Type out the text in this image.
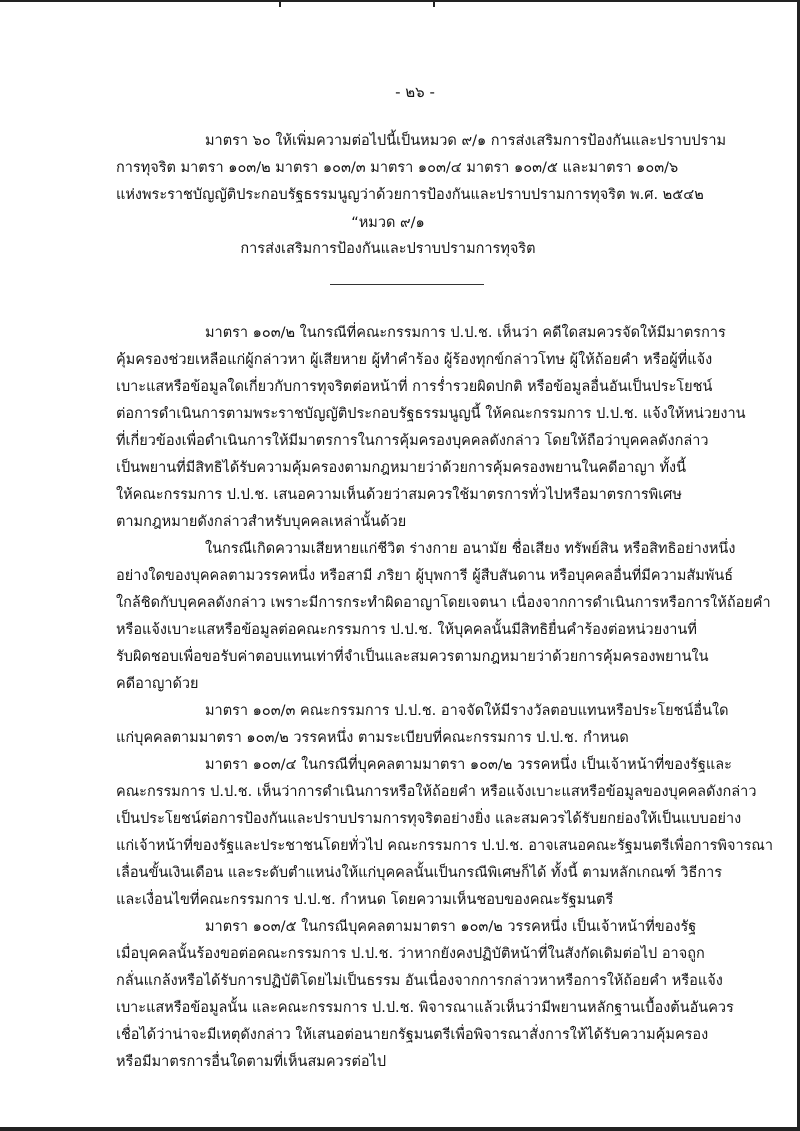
- ๒๖ -
มาตรา ๖๐ ให้เพิ่มความต่อไปนี้เป็นหมวด ๙/๑ การส่งเสริมการป้องกันและปราบปราม
การทุจริต มาตรา ๑๐๓/๒ มาตรา ๑๐๓/๓ มาตรา ๑๐๓/๔ มาตรา ๑๐๓/๕ และมาตรา ๑๐๓/๖
แห่งพระราชบัญญัติประกอบรัฐธรรมนูญว่าด้วยการป้องกันและปราบปรามการทุจริต พ.ศ. ๒๕๔๒
“หมวด ๙/๑
การส่งเสริมการป้องกันและปราบปรามการทุจริต
มาตรา ๑๐๓/๒ ในกรณีที่คณะกรรมการ ป.ป.ช. เห็นว่า คดีใดสมควรจัดให้มีมาตรการ
คุ้มครองช่วยเหลือแก่ผู้กล่าวหา ผู้เสียหาย ผู้ทำคำร้อง ผู้ร้องทุกข์กล่าวโทษ ผู้ให้ถ้อยคำ หรือผู้ที่แจ้ง
เบาะแสหรือข้อมูลใดเกี่ยวกับการทุจริตต่อหน้าที่ การร่ำรวยผิดปกติ หรือข้อมูลอื่นอันเป็นประโยชน์
ต่อการดำเนินการตามพระราชบัญญัติประกอบรัฐธรรมนูญนี้ ให้คณะกรรมการ ป.ป.ช. แจ้งให้หน่วยงาน
ที่เกี่ยวข้องเพื่อดำเนินการให้มีมาตรการในการคุ้มครองบุคคลดังกล่าว โดยให้ถือว่าบุคคลดังกล่าว
เป็นพยานที่มีสิทธิได้รับความคุ้มครองตามกฎหมายว่าด้วยการคุ้มครองพยานในคดีอาญา ทั้งนี้
ให้คณะกรรมการ ป.ป.ช. เสนอความเห็นด้วยว่าสมควรใช้มาตรการทั่วไปหรือมาตรการพิเศษ
ตามกฎหมายดังกล่าวสำหรับบุคคลเหล่านั้นด้วย
ในกรณีเกิดความเสียหายแก่ชีวิต ร่างกาย อนามัย ชื่อเสียง ทรัพย์สิน หรือสิทธิอย่างหนึ่ง
อย่างใดของบุคคลตามวรรคหนึ่ง หรือสามี ภริยา ผู้บุพการี ผู้สืบสันดาน หรือบุคคลอื่นที่มีความสัมพันธ์
ใกล้ชิดกับบุคคลดังกล่าว เพราะมีการกระทำผิดอาญาโดยเจตนา เนื่องจากการดำเนินการหรือการให้ถ้อยคำ
หรือแจ้งเบาะแสหรือข้อมูลต่อคณะกรรมการ ป.ป.ช. ให้บุคคลนั้นมีสิทธิยื่นคำร้องต่อหน่วยงานที่
รับผิดชอบเพื่อขอรับค่าตอบแทนเท่าที่จำเป็นและสมควรตามกฎหมายว่าด้วยการคุ้มครองพยานใน
คดีอาญาด้วย
มาตรา ๑๐๓/๓ คณะกรรมการ ป.ป.ช. อาจจัดให้มีรางวัลตอบแทนหรือประโยชน์อื่นใด
แก่บุคคลตามมาตรา ๑๐๓/๒ วรรคหนึ่ง ตามระเบียบที่คณะกรรมการ ป.ป.ช. กำหนด
มาตรา ๑๐๓/๔ ในกรณีที่บุคคลตามมาตรา ๑๐๓/๒ วรรคหนึ่ง เป็นเจ้าหน้าที่ของรัฐและ
คณะกรรมการ ป.ป.ช. เห็นว่าการดำเนินการหรือให้ถ้อยคำ หรือแจ้งเบาะแสหรือข้อมูลของบุคคลดังกล่าว
เป็นประโยชน์ต่อการป้องกันและปราบปรามการทุจริตอย่างยิ่ง และสมควรได้รับยกย่องให้เป็นแบบอย่าง
แก่เจ้าหน้าที่ของรัฐและประชาชนโดยทั่วไป คณะกรรมการ ป.ป.ช. อาจเสนอคณะรัฐมนตรีเพื่อการพิจารณา
เลื่อนขั้นเงินเดือน และระดับตำแหน่งให้แก่บุคคลนั้นเป็นกรณีพิเศษก็ได้ ทั้งนี้ ตามหลักเกณฑ์ วิธีการ
และเงื่อนไขที่คณะกรรมการ ป.ป.ช. กำหนด โดยความเห็นชอบของคณะรัฐมนตรี
มาตรา ๑๐๓/๕ ในกรณีบุคคลตามมาตรา ๑๐๓/๒ วรรคหนึ่ง เป็นเจ้าหน้าที่ของรัฐ
เมื่อบุคคลนั้นร้องขอต่อคณะกรรมการ ป.ป.ช. ว่าหากยังคงปฏิบัติหน้าที่ในสังกัดเดิมต่อไป อาจถูก
กลั่นแกล้งหรือได้รับการปฏิบัติโดยไม่เป็นธรรม อันเนื่องจากการกล่าวหาหรือการให้ถ้อยคำ หรือแจ้ง
เบาะแสหรือข้อมูลนั้น และคณะกรรมการ ป.ป.ช. พิจารณาแล้วเห็นว่ามีพยานหลักฐานเบื้องต้นอันควร
เชื่อได้ว่าน่าจะมีเหตุดังกล่าว ให้เสนอต่อนายกรัฐมนตรีเพื่อพิจารณาสั่งการให้ได้รับความคุ้มครอง
หรือมีมาตรการอื่นใดตามที่เห็นสมควรต่อไป
